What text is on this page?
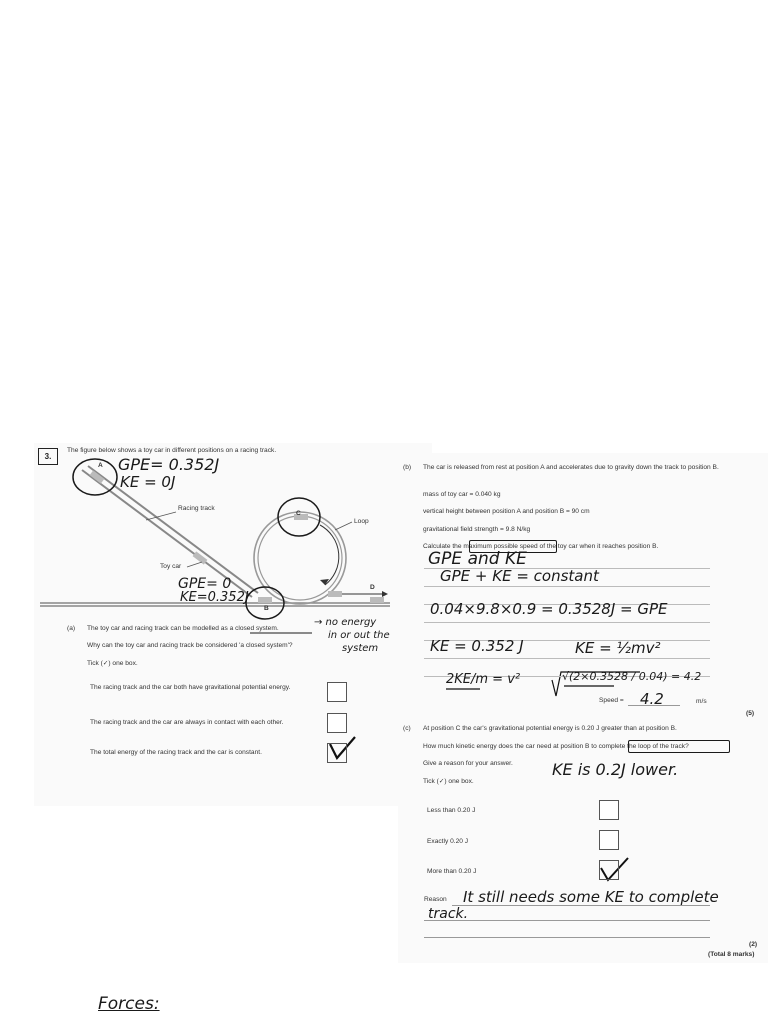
3.
The figure below shows a toy car in different positions on a racing track.
A
B
C
D
Racing track
Toy car
Loop
GPE= 0.352J
KE = 0J
GPE= 0
KE=0.352J
(a) The toy car and racing track can be modelled as a closed system.
Why can the toy car and racing track be considered 'a closed system'?
Tick (✓) one box.
→ no energy
in or out the
system
The racing track and the car both have gravitational potential energy.
The racing track and the car are always in contact with each other.
The total energy of the racing track and the car is constant.
(b) The car is released from rest at position A and accelerates due to gravity down the track to position B.
mass of toy car = 0.040 kg
vertical height between position A and position B = 90 cm
gravitational field strength = 9.8 N/kg
Calculate the maximum possible speed of the toy car when it reaches position B.
GPE and KE
GPE + KE = constant
0.04×9.8×0.9 = 0.3528J = GPE
KE = 0.352 J	KE = ½mv²
2KE/m = v²	√(2×0.3528 / 0.04) = 4.2
Speed = 4.2	m/s
(5)
(c) At position C the car's gravitational potential energy is 0.20 J greater than at position B.
How much kinetic energy does the car need at position B to complete the loop of the track?
Give a reason for your answer.
Tick (✓) one box.
KE is 0.2J lower.
Less than 0.20 J
Exactly 0.20 J
More than 0.20 J
Reason It still needs some KE to complete
track.
(2)
(Total 8 marks)
Forces:
